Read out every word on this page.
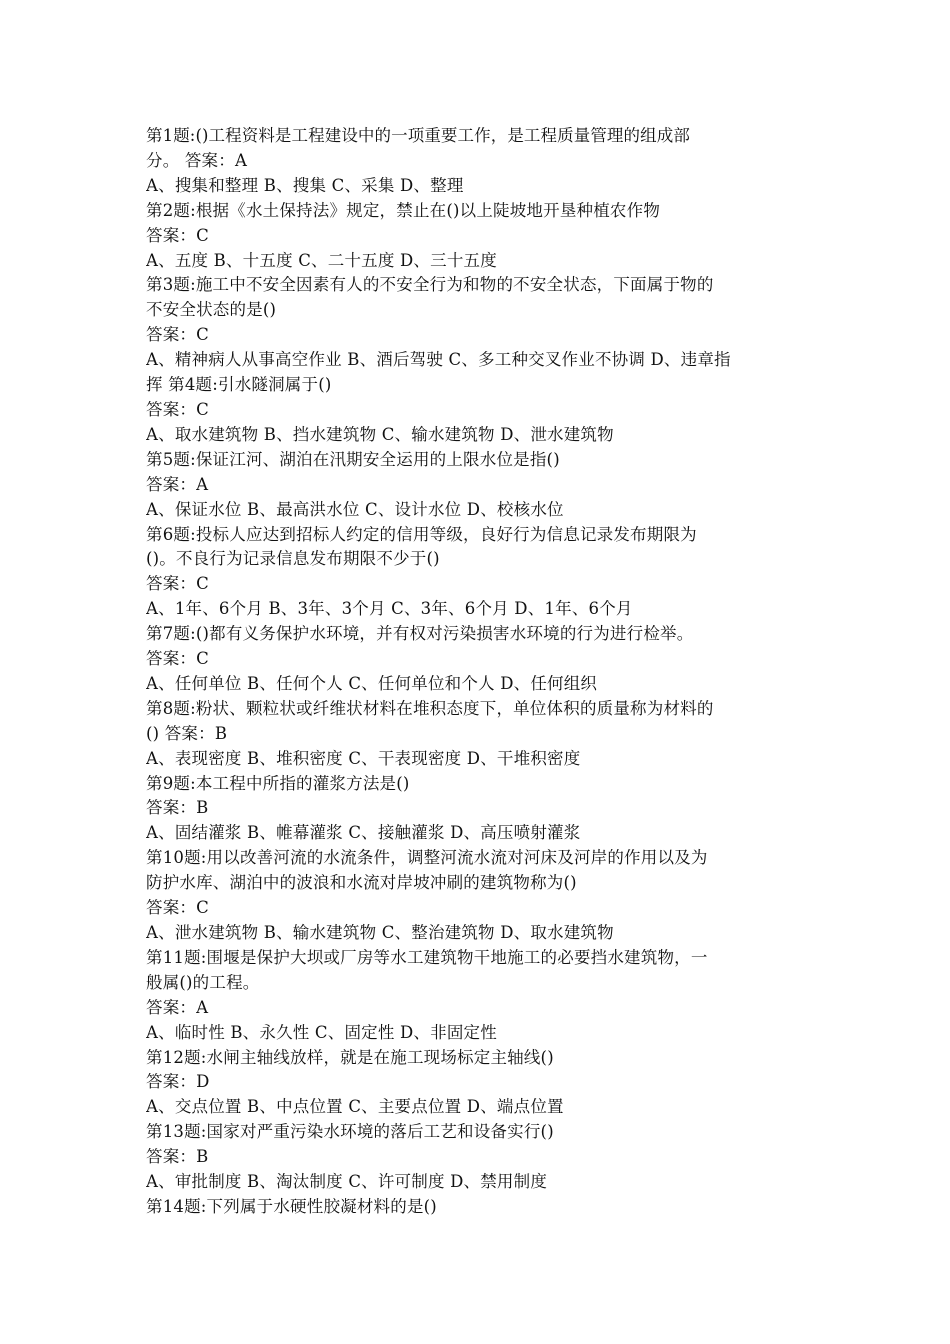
第1题:()工程资料是工程建设中的一项重要工作，是工程质量管理的组成部
分。 答案：A
A、搜集和整理 B、搜集 C、采集 D、整理
第2题:根据《水土保持法》规定，禁止在()以上陡坡地开垦种植农作物
答案：C
A、五度 B、十五度 C、二十五度 D、三十五度
第3题:施工中不安全因素有人的不安全行为和物的不安全状态，下面属于物的
不安全状态的是()
答案：C
A、精神病人从事高空作业 B、酒后驾驶 C、多工种交叉作业不协调 D、违章指
挥 第4题:引水隧洞属于()
答案：C
A、取水建筑物 B、挡水建筑物 C、输水建筑物 D、泄水建筑物
第5题:保证江河、湖泊在汛期安全运用的上限水位是指()
答案：A
A、保证水位 B、最高洪水位 C、设计水位 D、校核水位
第6题:投标人应达到招标人约定的信用等级，良好行为信息记录发布期限为
()。不良行为记录信息发布期限不少于()
答案：C
A、1年、6个月 B、3年、3个月 C、3年、6个月 D、1年、6个月
第7题:()都有义务保护水环境，并有权对污染损害水环境的行为进行检举。
答案：C
A、任何单位 B、任何个人 C、任何单位和个人 D、任何组织
第8题:粉状、颗粒状或纤维状材料在堆积态度下，单位体积的质量称为材料的
() 答案：B
A、表现密度 B、堆积密度 C、干表现密度 D、干堆积密度
第9题:本工程中所指的灌浆方法是()
答案：B
A、固结灌浆 B、帷幕灌浆 C、接触灌浆 D、高压喷射灌浆
第10题:用以改善河流的水流条件，调整河流水流对河床及河岸的作用以及为
防护水库、湖泊中的波浪和水流对岸坡冲刷的建筑物称为()
答案：C
A、泄水建筑物 B、输水建筑物 C、整治建筑物 D、取水建筑物
第11题:围堰是保护大坝或厂房等水工建筑物干地施工的必要挡水建筑物，一
般属()的工程。
答案：A
A、临时性 B、永久性 C、固定性 D、非固定性
第12题:水闸主轴线放样，就是在施工现场标定主轴线()
答案：D
A、交点位置 B、中点位置 C、主要点位置 D、端点位置
第13题:国家对严重污染水环境的落后工艺和设备实行()
答案：B
A、审批制度 B、淘汰制度 C、许可制度 D、禁用制度
第14题:下列属于水硬性胶凝材料的是()
